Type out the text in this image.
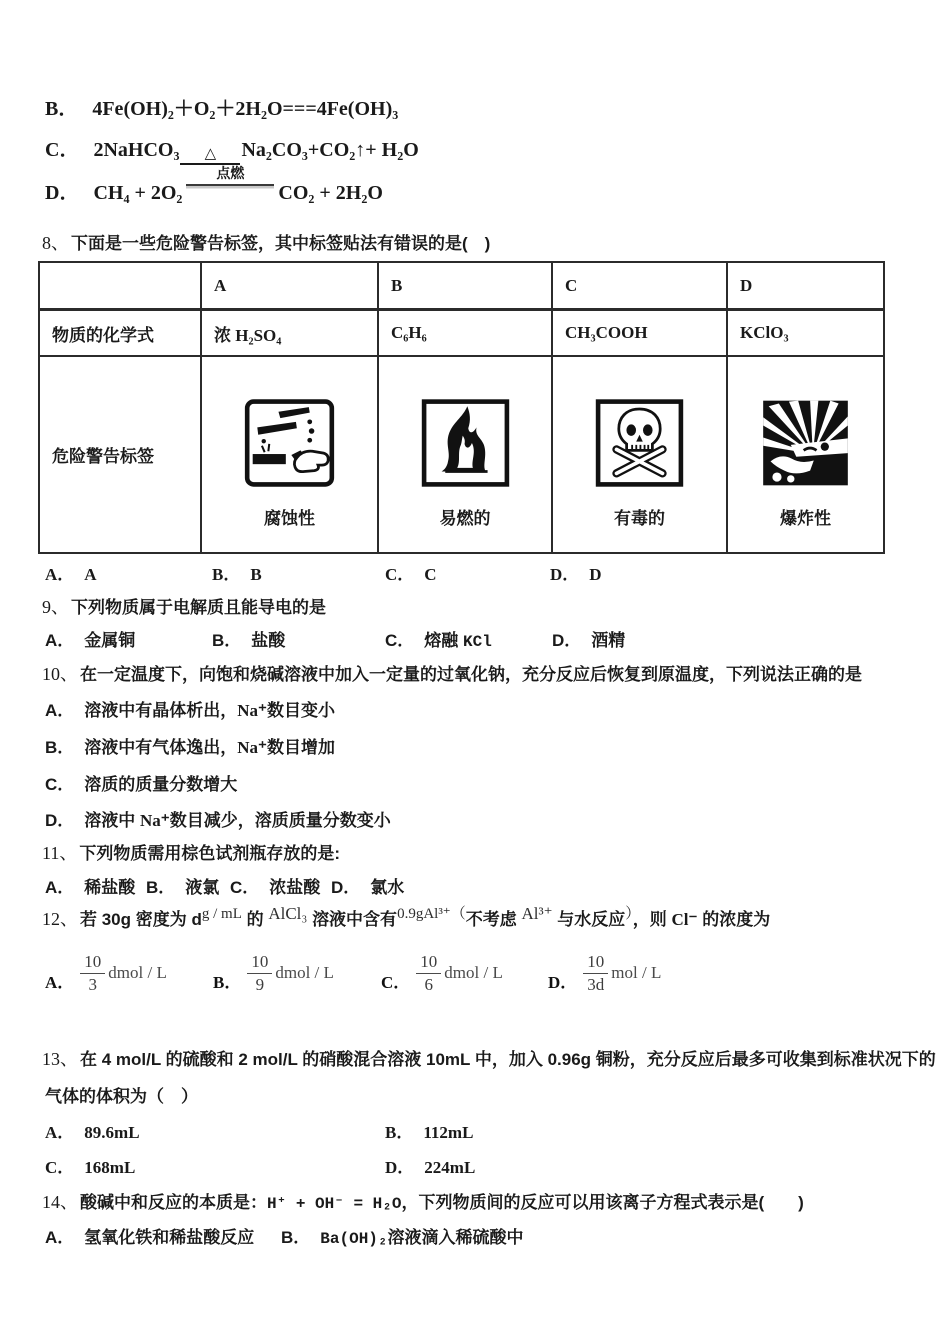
B． 4Fe(OH)₂＋O₂＋2H₂O===4Fe(OH)₃
C． 2NaHCO₃ △ Na₂CO₃+CO₂↑+ H₂O
D． CH₄ + 2O₂
点燃
CO₂ + 2H₂O
8、 下面是一些危险警告标签，其中标签贴法有错误的是(　)
	A	B	C	D
物质的化学式	浓 H₂SO₄	C₆H₆	CH₃COOH	KClO₃
危险警告标签	腐蚀性	易燃的	有毒的	爆炸性
A． A	B． B	C． C	D． D
9、 下列物质属于电解质且能导电的是
A． 金属铜	B． 盐酸	C． 熔融 KCl	D． 酒精
10、 在一定温度下，向饱和烧碱溶液中加入一定量的过氧化钠，充分反应后恢复到原温度，下列说法正确的是
A． 溶液中有晶体析出，Na⁺数目变小
B． 溶液中有气体逸出，Na⁺数目增加
C． 溶质的质量分数增大
D． 溶液中 Na⁺数目减少，溶质质量分数变小
11、 下列物质需用棕色试剂瓶存放的是:
A． 稀盐酸 B． 液氯 C． 浓盐酸 D． 氯水
12、 若 30g 密度为 dg / mL 的 AlCl₃ 溶液中含有0.9gAl³⁺（不考虑 Al³⁺ 与水反应），则 Cl⁻ 的浓度为
A． $\frac{10}{3}$ dmol / L
B． $\frac{10}{9}$ dmol / L
C． $\frac{10}{6}$ dmol / L
D． $\frac{10}{3d}$ mol / L
13、 在 4 mol/L 的硫酸和 2 mol/L 的硝酸混合溶液 10mL 中，加入 0.96g 铜粉，充分反应后最多可收集到标准状况下的
气体的体积为（　）
A． 89.6mL	B． 112mL
C． 168mL	D． 224mL
14、 酸碱中和反应的本质是：H⁺ + OH⁻ = H₂O，下列物质间的反应可以用该离子方程式表示是(　　)
A． 氢氧化铁和稀盐酸反应 B． Ba(OH)₂溶液滴入稀硫酸中
